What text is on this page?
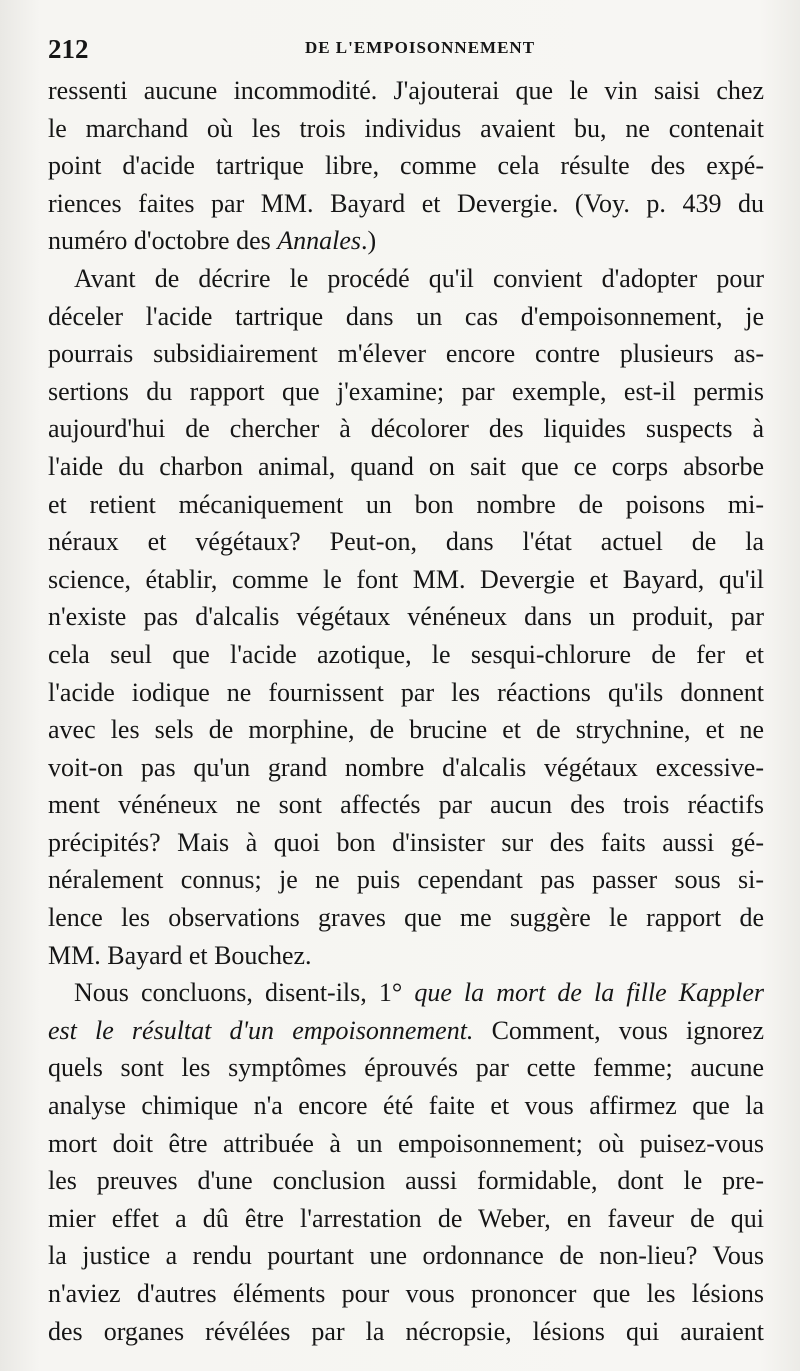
212	DE L'EMPOISONNEMENT
ressenti aucune incommodité. J'ajouterai que le vin saisi chez
le marchand où les trois individus avaient bu, ne contenait
point d'acide tartrique libre, comme cela résulte des expé-
riences faites par MM. Bayard et Devergie. (Voy. p. 439 du
numéro d'octobre des Annales.)
Avant de décrire le procédé qu'il convient d'adopter pour
déceler l'acide tartrique dans un cas d'empoisonnement, je
pourrais subsidiairement m'élever encore contre plusieurs as-
sertions du rapport que j'examine; par exemple, est-il permis
aujourd'hui de chercher à décolorer des liquides suspects à
l'aide du charbon animal, quand on sait que ce corps absorbe
et retient mécaniquement un bon nombre de poisons mi-
néraux et végétaux? Peut-on, dans l'état actuel de la
science, établir, comme le font MM. Devergie et Bayard, qu'il
n'existe pas d'alcalis végétaux vénéneux dans un produit, par
cela seul que l'acide azotique, le sesqui-chlorure de fer et
l'acide iodique ne fournissent par les réactions qu'ils donnent
avec les sels de morphine, de brucine et de strychnine, et ne
voit-on pas qu'un grand nombre d'alcalis végétaux excessive-
ment vénéneux ne sont affectés par aucun des trois réactifs
précipités? Mais à quoi bon d'insister sur des faits aussi gé-
néralement connus; je ne puis cependant pas passer sous si-
lence les observations graves que me suggère le rapport de
MM. Bayard et Bouchez.
Nous concluons, disent-ils, 1° que la mort de la fille Kappler
est le résultat d'un empoisonnement. Comment, vous ignorez
quels sont les symptômes éprouvés par cette femme; aucune
analyse chimique n'a encore été faite et vous affirmez que la
mort doit être attribuée à un empoisonnement; où puisez-vous
les preuves d'une conclusion aussi formidable, dont le pre-
mier effet a dû être l'arrestation de Weber, en faveur de qui
la justice a rendu pourtant une ordonnance de non-lieu? Vous
n'aviez d'autres éléments pour vous prononcer que les lésions
des organes révélées par la nécropsie, lésions qui auraient
